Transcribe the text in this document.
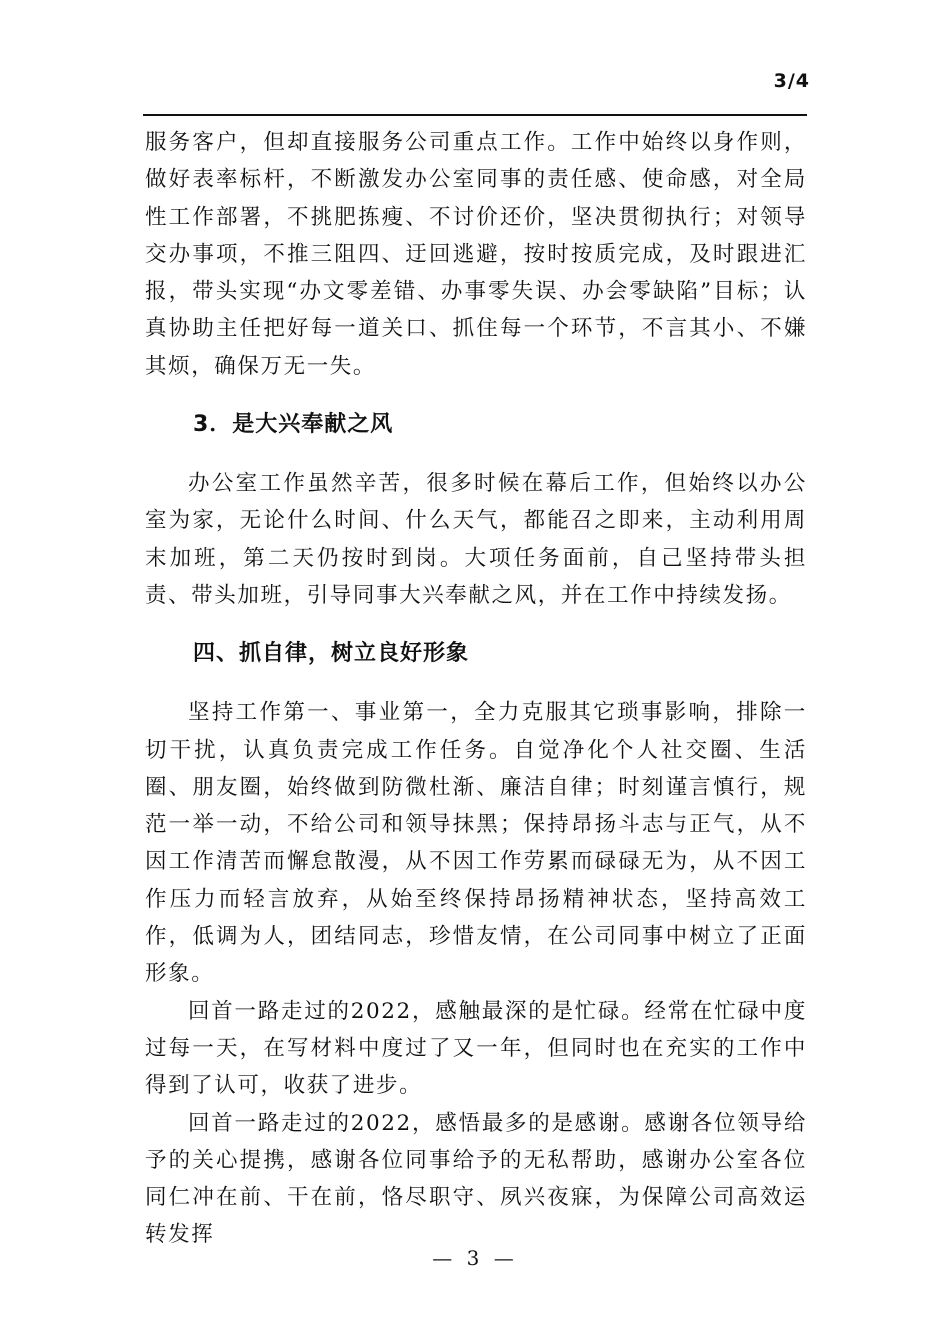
3/4

服务客户，但却直接服务公司重点工作。工作中始终以身作则，做好表率标杆，不断激发办公室同事的责任感、使命感，对全局性工作部署，不挑肥拣瘦、不讨价还价，坚决贯彻执行；对领导交办事项，不推三阻四、迂回逃避，按时按质完成，及时跟进汇报，带头实现“办文零差错、办事零失误、办会零缺陷”目标；认真协助主任把好每一道关口、抓住每一个环节，不言其小、不嫌其烦，确保万无一失。

3．是大兴奉献之风

办公室工作虽然辛苦，很多时候在幕后工作，但始终以办公室为家，无论什么时间、什么天气，都能召之即来，主动利用周末加班，第二天仍按时到岗。大项任务面前，自己坚持带头担责、带头加班，引导同事大兴奉献之风，并在工作中持续发扬。

四、抓自律，树立良好形象

坚持工作第一、事业第一，全力克服其它琐事影响，排除一切干扰，认真负责完成工作任务。自觉净化个人社交圈、生活圈、朋友圈，始终做到防微杜渐、廉洁自律；时刻谨言慎行，规范一举一动，不给公司和领导抹黑；保持昂扬斗志与正气，从不因工作清苦而懈怠散漫，从不因工作劳累而碌碌无为，从不因工作压力而轻言放弃，从始至终保持昂扬精神状态，坚持高效工作，低调为人，团结同志，珍惜友情，在公司同事中树立了正面形象。

回首一路走过的2022，感触最深的是忙碌。经常在忙碌中度过每一天，在写材料中度过了又一年，但同时也在充实的工作中得到了认可，收获了进步。

回首一路走过的2022，感悟最多的是感谢。感谢各位领导给予的关心提携，感谢各位同事给予的无私帮助，感谢办公室各位同仁冲在前、干在前，恪尽职守、夙兴夜寐，为保障公司高效运转发挥

— 3 —
